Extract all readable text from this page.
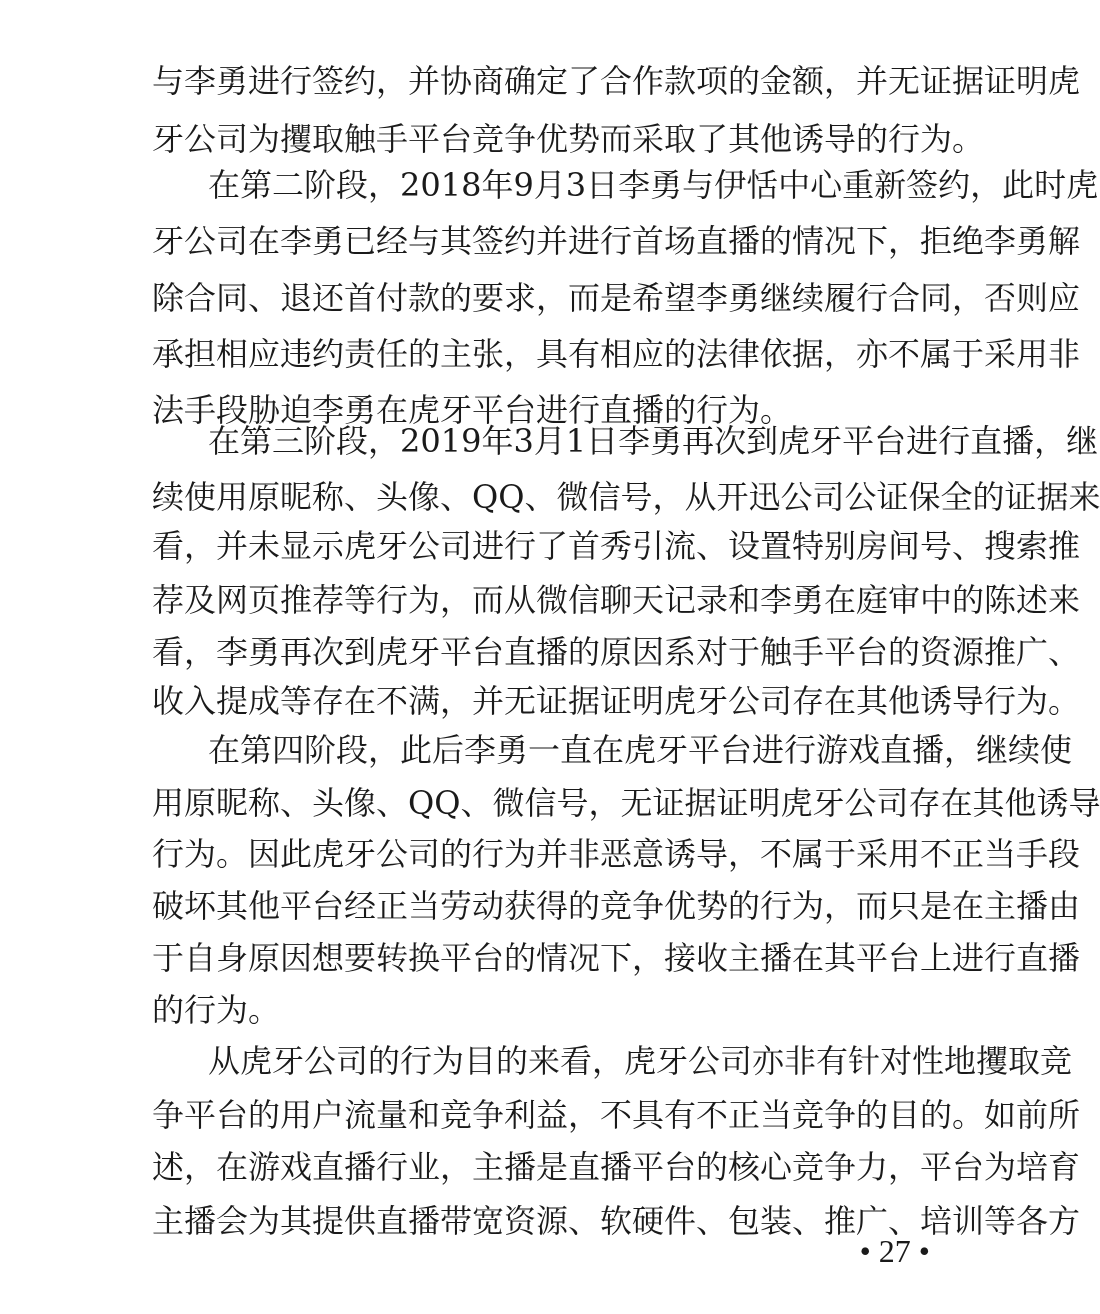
与李勇进行签约，并协商确定了合作款项的金额，并无证据证明虎
牙公司为攫取触手平台竞争优势而采取了其他诱导的行为。
在第二阶段，2018年9月3日李勇与伊恬中心重新签约，此时虎
牙公司在李勇已经与其签约并进行首场直播的情况下，拒绝李勇解
除合同、退还首付款的要求，而是希望李勇继续履行合同，否则应
承担相应违约责任的主张，具有相应的法律依据，亦不属于采用非
法手段胁迫李勇在虎牙平台进行直播的行为。
在第三阶段，2019年3月1日李勇再次到虎牙平台进行直播，继
续使用原昵称、头像、QQ、微信号，从开迅公司公证保全的证据来
看，并未显示虎牙公司进行了首秀引流、设置特别房间号、搜索推
荐及网页推荐等行为，而从微信聊天记录和李勇在庭审中的陈述来
看，李勇再次到虎牙平台直播的原因系对于触手平台的资源推广、
收入提成等存在不满，并无证据证明虎牙公司存在其他诱导行为。
在第四阶段，此后李勇一直在虎牙平台进行游戏直播，继续使
用原昵称、头像、QQ、微信号，无证据证明虎牙公司存在其他诱导
行为。因此虎牙公司的行为并非恶意诱导，不属于采用不正当手段
破坏其他平台经正当劳动获得的竞争优势的行为，而只是在主播由
于自身原因想要转换平台的情况下，接收主播在其平台上进行直播
的行为。
从虎牙公司的行为目的来看，虎牙公司亦非有针对性地攫取竞
争平台的用户流量和竞争利益，不具有不正当竞争的目的。如前所
述，在游戏直播行业，主播是直播平台的核心竞争力，平台为培育
主播会为其提供直播带宽资源、软硬件、包装、推广、培训等各方
• 27 •
